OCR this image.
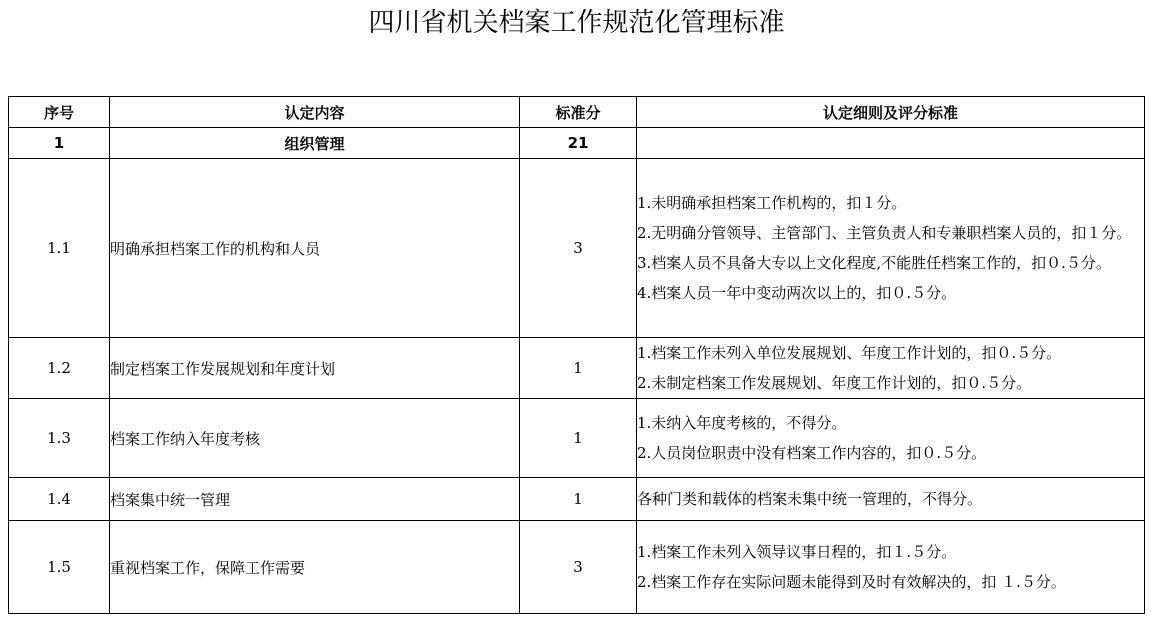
四川省机关档案工作规范化管理标准
序号	认定内容	标准分	认定细则及评分标准
1	组织管理	21	
1.1	明确承担档案工作的机构和人员	3	1.未明确承担档案工作机构的，扣１分。
2.无明确分管领导、主管部门、主管负责人和专兼职档案人员的，扣１分。
3.档案人员不具备大专以上文化程度,不能胜任档案工作的，扣０.５分。
4.档案人员一年中变动两次以上的，扣０.５分。

1.2	制定档案工作发展规划和年度计划	1	1.档案工作未列入单位发展规划、年度工作计划的，扣０.５分。
2.未制定档案工作发展规划、年度工作计划的，扣０.５分。

1.3	档案工作纳入年度考核	1	1.未纳入年度考核的，不得分。
2.人员岗位职责中没有档案工作内容的，扣０.５分。

1.4	档案集中统一管理	1	各种门类和载体的档案未集中统一管理的，不得分。

1.5	重视档案工作，保障工作需要	3	1.档案工作未列入领导议事日程的，扣１.５分。
2.档案工作存在实际问题未能得到及时有效解决的，扣 １.５分。
